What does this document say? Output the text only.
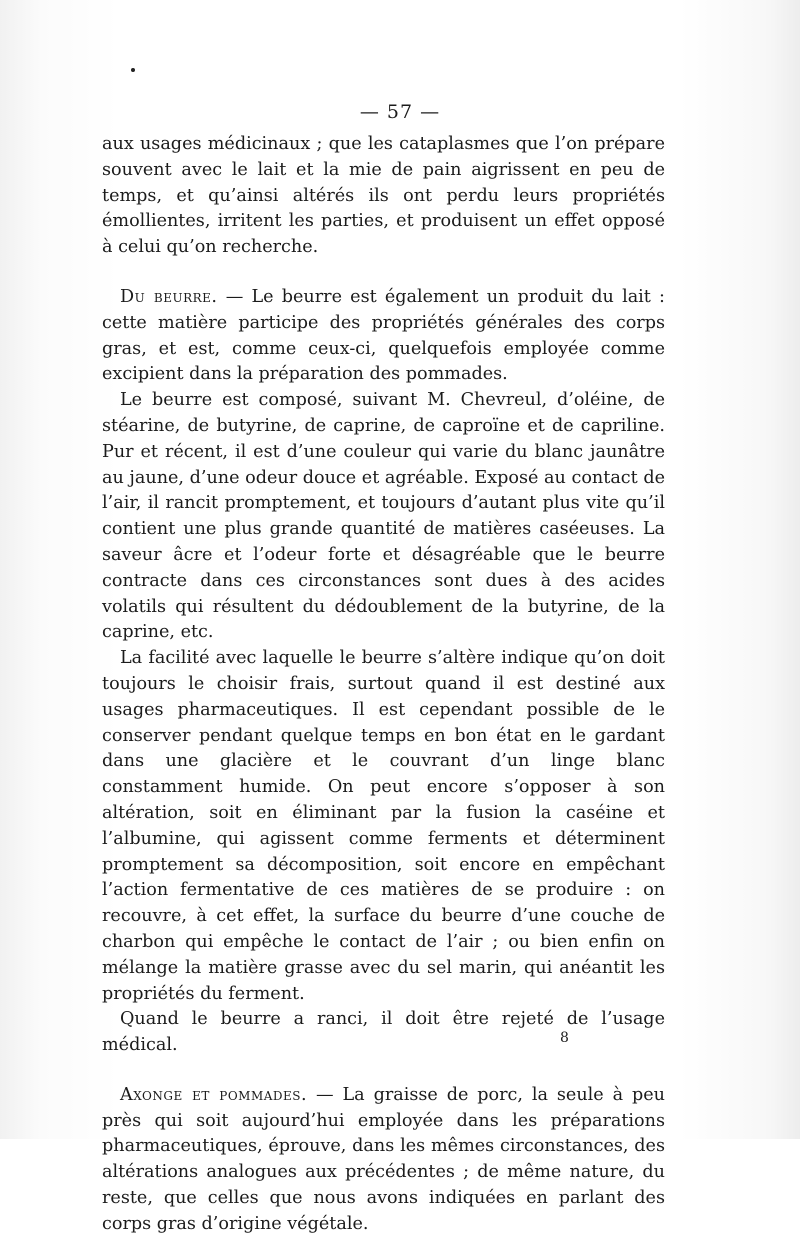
— 57 —

aux usages médicinaux ; que les cataplasmes que l’on prépare souvent avec le lait et la mie de pain aigrissent en peu de temps, et qu’ainsi altérés ils ont perdu leurs propriétés émollientes, irritent les parties, et produisent un effet opposé à celui qu’on recherche.

Du beurre. — Le beurre est également un produit du lait : cette matière participe des propriétés générales des corps gras, et est, comme ceux-ci, quelquefois employée comme excipient dans la préparation des pommades.

Le beurre est composé, suivant M. Chevreul, d’oléine, de stéarine, de butyrine, de caprine, de caproïne et de capriline. Pur et récent, il est d’une couleur qui varie du blanc jaunâtre au jaune, d’une odeur douce et agréable. Exposé au contact de l’air, il rancit promptement, et toujours d’autant plus vite qu’il contient une plus grande quantité de matières caséeuses. La saveur âcre et l’odeur forte et désagréable que le beurre contracte dans ces circonstances sont dues à des acides volatils qui résultent du dédoublement de la butyrine, de la caprine, etc.

La facilité avec laquelle le beurre s’altère indique qu’on doit toujours le choisir frais, surtout quand il est destiné aux usages pharmaceutiques. Il est cependant possible de le conserver pendant quelque temps en bon état en le gardant dans une glacière et le couvrant d’un linge blanc constamment humide. On peut encore s’opposer à son altération, soit en éliminant par la fusion la caséine et l’albumine, qui agissent comme ferments et déterminent promptement sa décomposition, soit encore en empêchant l’action fermentative de ces matières de se produire : on recouvre, à cet effet, la surface du beurre d’une couche de charbon qui empêche le contact de l’air ; ou bien enfin on mélange la matière grasse avec du sel marin, qui anéantit les propriétés du ferment.

Quand le beurre a ranci, il doit être rejeté de l’usage médical.

Axonge et pommades. — La graisse de porc, la seule à peu près qui soit aujourd’hui employée dans les préparations pharmaceutiques, éprouve, dans les mêmes circonstances, des altérations analogues aux précédentes ; de même nature, du reste, que celles que nous avons indiquées en parlant des corps gras d’origine végétale.

8
